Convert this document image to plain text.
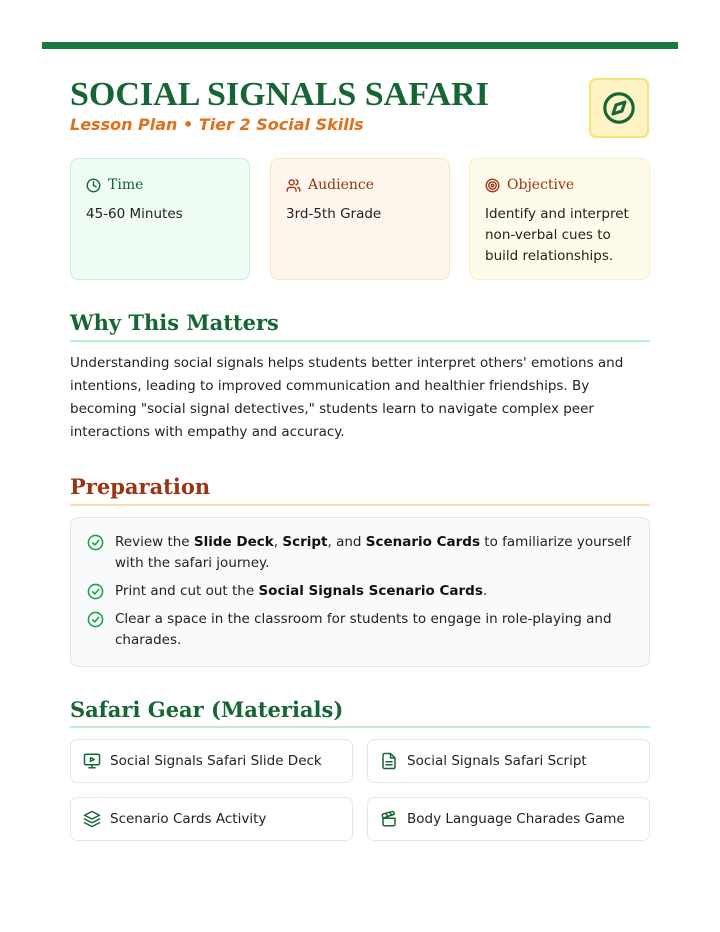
SOCIAL SIGNALS SAFARI
Lesson Plan • Tier 2 Social Skills
Time
45-60 Minutes
Audience
3rd-5th Grade
Objective
Identify and interpret non-verbal cues to build relationships.
Why This Matters

Understanding social signals helps students better interpret others' emotions and intentions, leading to improved communication and healthier friendships. By becoming "social signal detectives," students learn to navigate complex peer interactions with empathy and accuracy.

Preparation
Review the Slide Deck, Script, and Scenario Cards to familiarize yourself with the safari journey.
Print and cut out the Social Signals Scenario Cards.
Clear a space in the classroom for students to engage in role-playing and charades.
Safari Gear (Materials)
Social Signals Safari Slide Deck	Social Signals Safari Script
Scenario Cards Activity	Body Language Charades Game
